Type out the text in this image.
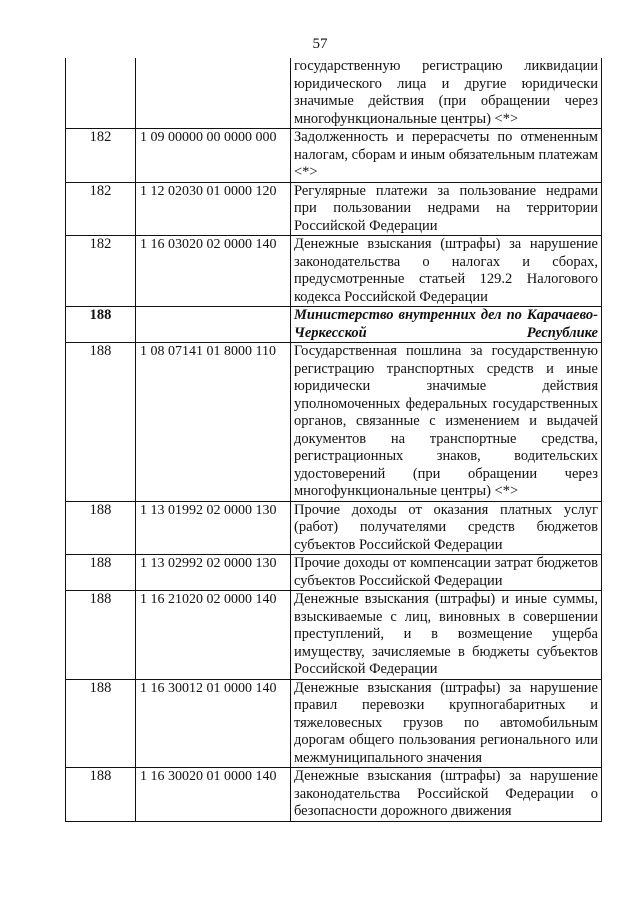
57
		государственную регистрацию ликвидации юридического лица и другие юридически значимые действия (при обращении через многофункциональные центры) <*>
182	1 09 00000 00 0000 000	Задолженность и перерасчеты по отмененным налогам, сборам и иным обязательным платежам <*>
182	1 12 02030 01 0000 120	Регулярные платежи за пользование недрами при пользовании недрами на территории Российской Федерации
182	1 16 03020 02 0000 140	Денежные взыскания (штрафы) за нарушение законодательства о налогах и сборах, предусмотренные статьей 129.2 Налогового кодекса Российской Федерации
188		Министерство внутренних дел по Карачаево-Черкесской Республике
188	1 08 07141 01 8000 110	Государственная пошлина за государственную регистрацию транспортных средств и иные юридически значимые действия уполномоченных федеральных государственных органов, связанные с изменением и выдачей документов на транспортные средства, регистрационных знаков, водительских удостоверений (при обращении через многофункциональные центры) <*>
188	1 13 01992 02 0000 130	Прочие доходы от оказания платных услуг (работ) получателями средств бюджетов субъектов Российской Федерации
188	1 13 02992 02 0000 130	Прочие доходы от компенсации затрат бюджетов субъектов Российской Федерации
188	1 16 21020 02 0000 140	Денежные взыскания (штрафы) и иные суммы, взыскиваемые с лиц, виновных в совершении преступлений, и в возмещение ущерба имуществу, зачисляемые в бюджеты субъектов Российской Федерации
188	1 16 30012 01 0000 140	Денежные взыскания (штрафы) за нарушение правил перевозки крупногабаритных и тяжеловесных грузов по автомобильным дорогам общего пользования регионального или межмуниципального значения
188	1 16 30020 01 0000 140	Денежные взыскания (штрафы) за нарушение законодательства Российской Федерации о безопасности дорожного движения
